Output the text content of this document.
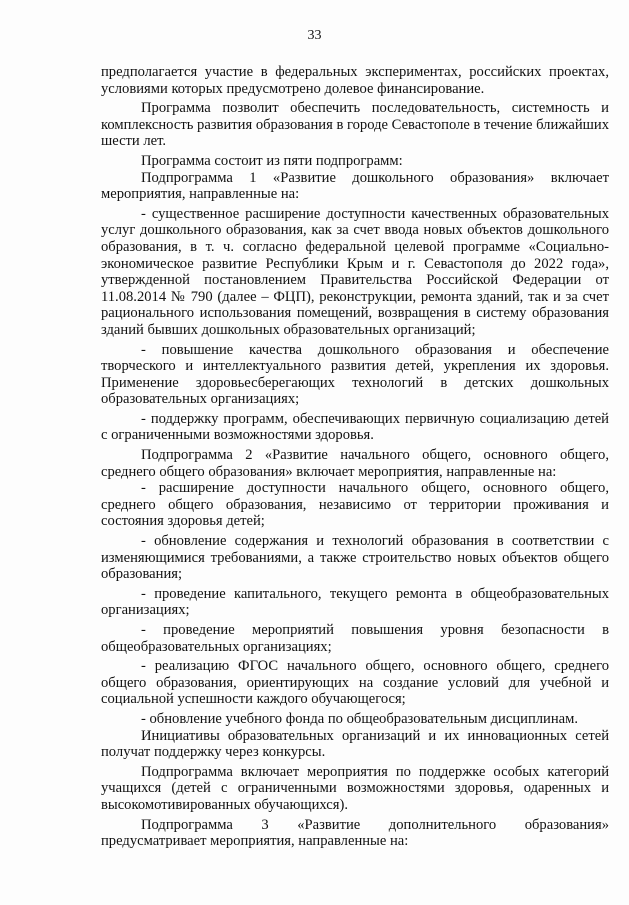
33

предполагается участие в федеральных экспериментах, российских проектах, условиями которых предусмотрено долевое финансирование.

Программа позволит обеспечить последовательность, системность и комплексность развития образования в городе Севастополе в течение ближайших шести лет.

Программа состоит из пяти подпрограмм:

Подпрограмма 1 «Развитие дошкольного образования» включает мероприятия, направленные на:

- существенное расширение доступности качественных образовательных услуг дошкольного образования, как за счет ввода новых объектов дошкольного образования, в т. ч. согласно федеральной целевой программе «Социально-экономическое развитие Республики Крым и г. Севастополя до 2022 года», утвержденной постановлением Правительства Российской Федерации от 11.08.2014 № 790 (далее – ФЦП), реконструкции, ремонта зданий, так и за счет рационального использования помещений, возвращения в систему образования зданий бывших дошкольных образовательных организаций;

- повышение качества дошкольного образования и обеспечение творческого и интеллектуального развития детей, укрепления их здоровья. Применение здоровьесберегающих технологий в детских дошкольных образовательных организациях;

- поддержку программ, обеспечивающих первичную социализацию детей с ограниченными возможностями здоровья.

Подпрограмма 2 «Развитие начального общего, основного общего, среднего общего образования» включает мероприятия, направленные на:

- расширение доступности начального общего, основного общего, среднего общего образования, независимо от территории проживания и состояния здоровья детей;

- обновление содержания и технологий образования в соответствии с изменяющимися требованиями, а также строительство новых объектов общего образования;

- проведение капитального, текущего ремонта в общеобразовательных организациях;

- проведение мероприятий повышения уровня безопасности в общеобразовательных организациях;

- реализацию ФГОС начального общего, основного общего, среднего общего образования, ориентирующих на создание условий для учебной и социальной успешности каждого обучающегося;

- обновление учебного фонда по общеобразовательным дисциплинам.

Инициативы образовательных организаций и их инновационных сетей получат поддержку через конкурсы.

Подпрограмма включает мероприятия по поддержке особых категорий учащихся (детей с ограниченными возможностями здоровья, одаренных и высокомотивированных обучающихся).

Подпрограмма 3 «Развитие дополнительного образования» предусматривает мероприятия, направленные на:
